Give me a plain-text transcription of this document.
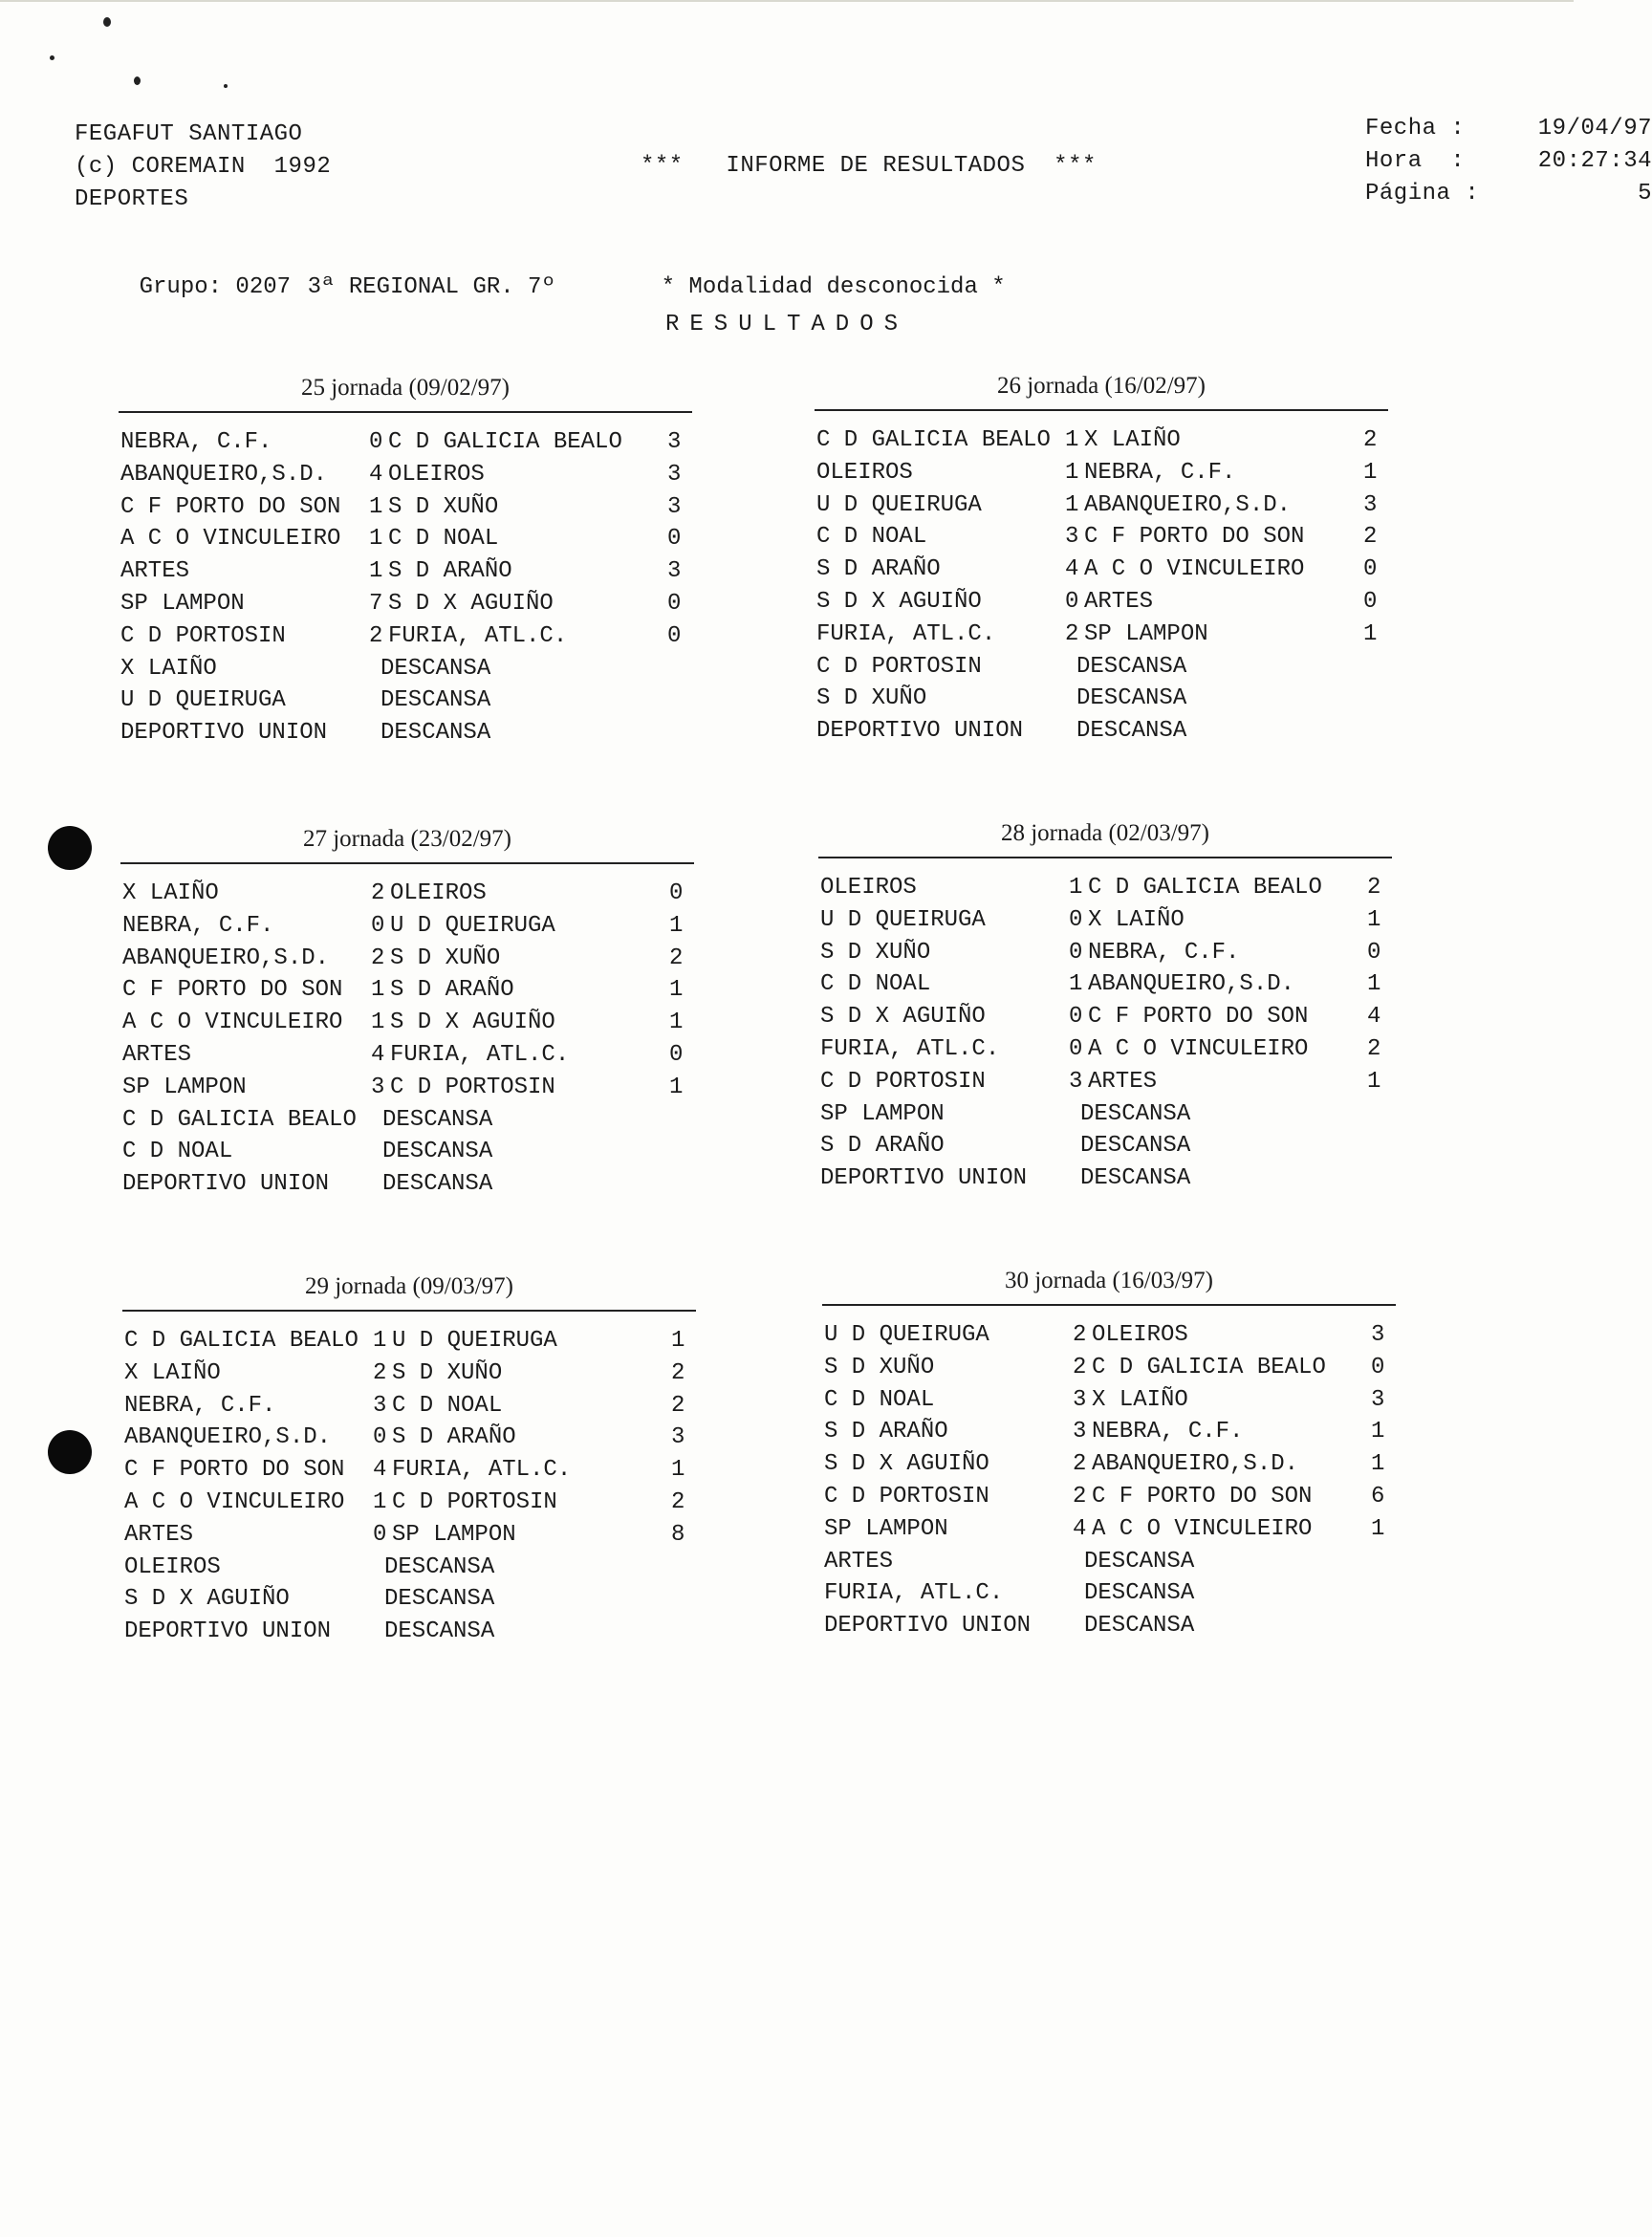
FEGAFUT SANTIAGO
(c) COREMAIN  1992
DEPORTES
***   INFORME DE RESULTADOS  ***
Fecha :	19/04/97
Hora  :	20:27:34
Página :	5

Grupo: 0207 3ª REGIONAL GR. 7º	* Modalidad desconocida *

RESULTADOS
25 jornada (09/02/97)
NEBRA, C.F.	0 C D GALICIA BEALO 3
ABANQUEIRO,S.D. 4 OLEIROS	3
C F PORTO DO SON 1 S D XUÑO	3
A C O VINCULEIRO 1 C D NOAL	0
ARTES	1 S D ARAÑO	3
SP LAMPON	7 S D X AGUIÑO	0
C D PORTOSIN	2 FURIA, ATL.C.	0
X LAIÑO	DESCANSA
U D QUEIRUGA	DESCANSA
DEPORTIVO UNION DESCANSA
26 jornada (16/02/97)
C D GALICIA BEALO 1 X LAIÑO	2
OLEIROS	1 NEBRA, C.F.	1
U D QUEIRUGA	1 ABANQUEIRO,S.D.	3
C D NOAL	3 C F PORTO DO SON	2
S D ARAÑO	4 A C O VINCULEIRO	0
S D X AGUIÑO	0 ARTES	0
FURIA, ATL.C.	2 SP LAMPON	1
C D PORTOSIN	DESCANSA
S D XUÑO	DESCANSA
DEPORTIVO UNION DESCANSA
27 jornada (23/02/97)
X LAIÑO	2 OLEIROS	0
NEBRA, C.F.	0 U D QUEIRUGA	1
ABANQUEIRO,S.D. 2 S D XUÑO	2
C F PORTO DO SON 1 S D ARAÑO	1
A C O VINCULEIRO 1 S D X AGUIÑO	1
ARTES	4 FURIA, ATL.C.	0
SP LAMPON	3 C D PORTOSIN	1
C D GALICIA BEALO DESCANSA
C D NOAL	DESCANSA
DEPORTIVO UNION DESCANSA
28 jornada (02/03/97)
OLEIROS	1 C D GALICIA BEALO 2
U D QUEIRUGA	0 X LAIÑO	1
S D XUÑO	0 NEBRA, C.F.	0
C D NOAL	1 ABANQUEIRO,S.D.	1
S D X AGUIÑO	0 C F PORTO DO SON	4
FURIA, ATL.C.	0 A C O VINCULEIRO	2
C D PORTOSIN	3 ARTES	1
SP LAMPON	DESCANSA
S D ARAÑO	DESCANSA
DEPORTIVO UNION DESCANSA
29 jornada (09/03/97)
C D GALICIA BEALO 1 U D QUEIRUGA	1
X LAIÑO	2 S D XUÑO	2
NEBRA, C.F.	3 C D NOAL	2
ABANQUEIRO,S.D. 0 S D ARAÑO	3
C F PORTO DO SON 4 FURIA, ATL.C.	1
A C O VINCULEIRO 1 C D PORTOSIN	2
ARTES	0 SP LAMPON	8
OLEIROS	DESCANSA
S D X AGUIÑO	DESCANSA
DEPORTIVO UNION DESCANSA
30 jornada (16/03/97)
U D QUEIRUGA	2 OLEIROS	3
S D XUÑO	2 C D GALICIA BEALO 0
C D NOAL	3 X LAIÑO	3
S D ARAÑO	3 NEBRA, C.F.	1
S D X AGUIÑO	2 ABANQUEIRO,S.D.	1
C D PORTOSIN	2 C F PORTO DO SON	6
SP LAMPON	4 A C O VINCULEIRO	1
ARTES	DESCANSA
FURIA, ATL.C.	DESCANSA
DEPORTIVO UNION DESCANSA
